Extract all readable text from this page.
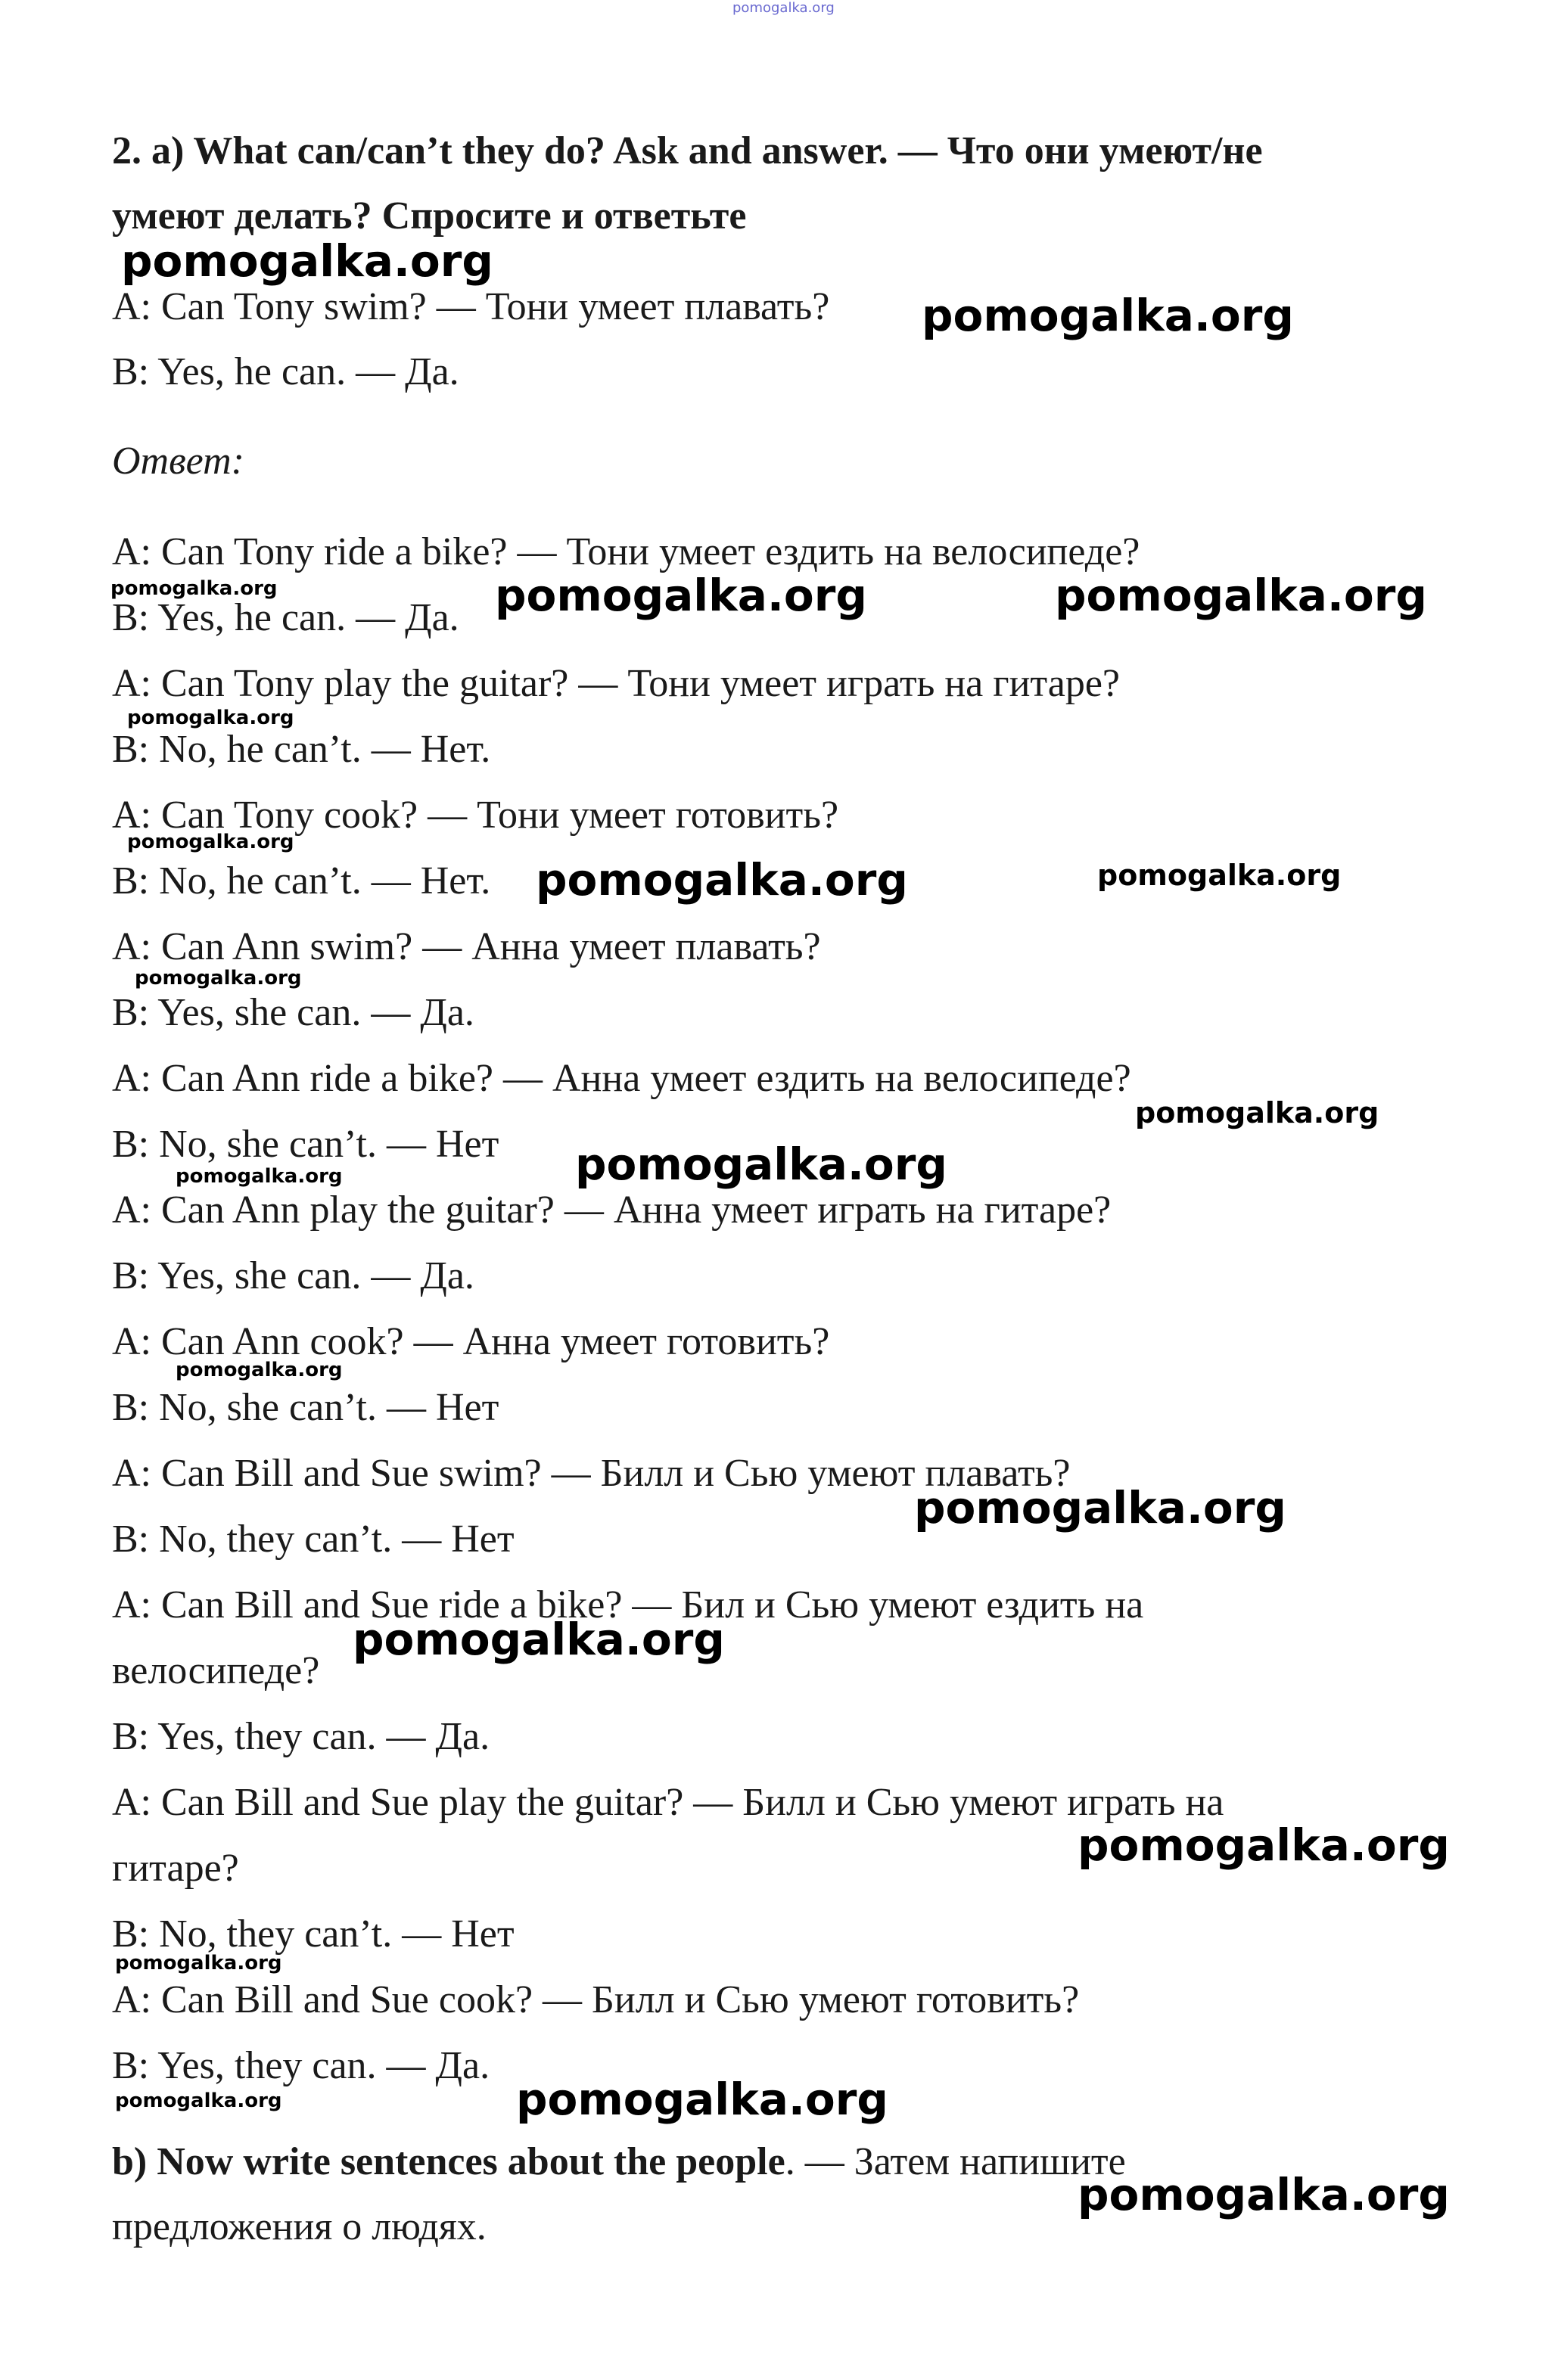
pomogalka.org
2. a) What can/can’t they do? Ask and answer. — Что они умеют/не
умеют делать? Спросите и ответьте
A: Can Tony swim? — Тони умеет плавать?
B: Yes, he can. — Да.
Ответ:
A: Can Tony ride a bike? — Тони умеет ездить на велосипеде?
B: Yes, he can. — Да.
A: Can Tony play the guitar? — Тони умеет играть на гитаре?
B: No, he can’t. — Нет.
A: Can Tony cook? — Тони умеет готовить?
B: No, he can’t. — Нет.
A: Can Ann swim? — Анна умеет плавать?
B: Yes, she can. — Да.
A: Can Ann ride a bike? — Анна умеет ездить на велосипеде?
B: No, she can’t. — Нет
A: Can Ann play the guitar? — Анна умеет играть на гитаре?
B: Yes, she can. — Да.
A: Can Ann cook? — Анна умеет готовить?
B: No, she can’t. — Нет
A: Can Bill and Sue swim? — Билл и Сью умеют плавать?
B: No, they can’t. — Нет
A: Can Bill and Sue ride a bike? — Бил и Сью умеют ездить на
велосипеде?
B: Yes, they can. — Да.
A: Can Bill and Sue play the guitar? — Билл и Сью умеют играть на
гитаре?
B: No, they can’t. — Нет
A: Can Bill and Sue cook? — Билл и Сью умеют готовить?
B: Yes, they can. — Да.
b) Now write sentences about the people. — Затем напишите
предложения о людях.
pomogalka.org
pomogalka.org
pomogalka.org	pomogalka.org	pomogalka.org
pomogalka.org
pomogalka.org
pomogalka.org	pomogalka.org
pomogalka.org
pomogalka.org
pomogalka.org	pomogalka.org
pomogalka.org
pomogalka.org
pomogalka.org
pomogalka.org
pomogalka.org
pomogalka.org	pomogalka.org
pomogalka.org
